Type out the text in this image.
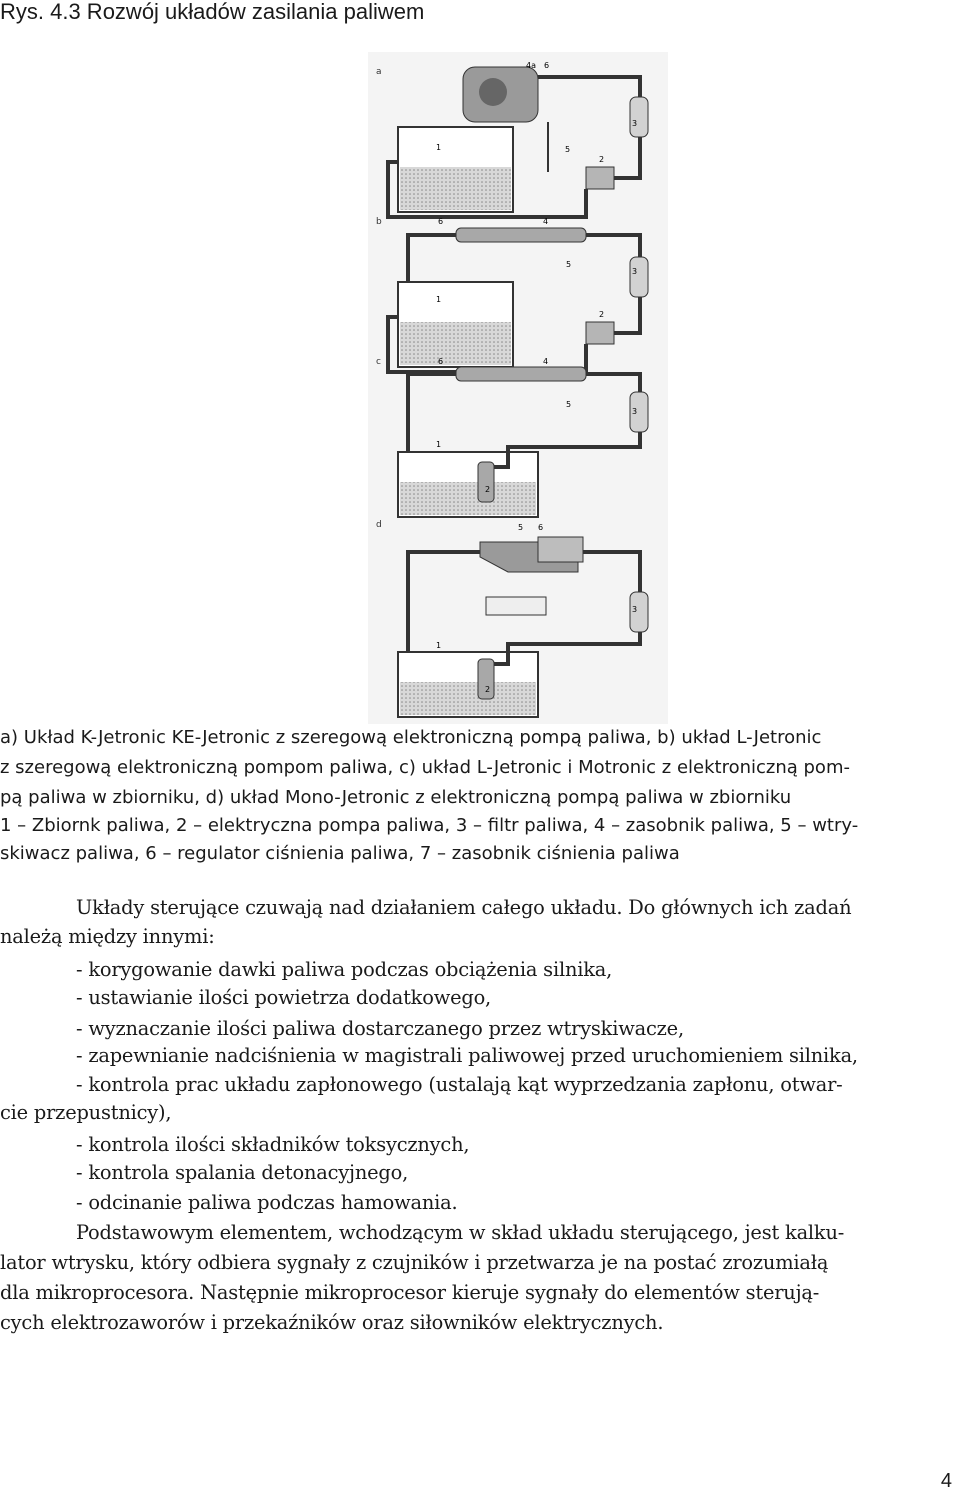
Rys. 4.3 Rozwój układów zasilania paliwem
a
4a 6
3
5
1
2
b	6	4
5
3
1
2
c	6	4
5
3
1
2
d	5 6
3
1
2
a) Układ K-Jetronic KE-Jetronic z szeregową elektroniczną pompą paliwa, b) układ L-Jetronic
z szeregową elektroniczną pompom paliwa, c) układ L-Jetronic i Motronic z elektroniczną pom-
pą paliwa w zbiorniku, d) układ Mono-Jetronic z elektroniczną pompą paliwa w zbiorniku
1 – Zbiornk paliwa, 2 – elektryczna pompa paliwa, 3 – filtr paliwa, 4 – zasobnik paliwa, 5 – wtry-
skiwacz paliwa, 6 – regulator ciśnienia paliwa, 7 – zasobnik ciśnienia paliwa
Układy sterujące czuwają nad działaniem całego układu. Do głównych ich zadań
należą między innymi:
- korygowanie dawki paliwa podczas obciążenia silnika,
- ustawianie ilości powietrza dodatkowego,
- wyznaczanie ilości paliwa dostarczanego przez wtryskiwacze,
- zapewnianie nadciśnienia w magistrali paliwowej przed uruchomieniem silnika,
- kontrola prac układu zapłonowego (ustalają kąt wyprzedzania zapłonu, otwar-
cie przepustnicy),
- kontrola ilości składników toksycznych,
- kontrola spalania detonacyjnego,
- odcinanie paliwa podczas hamowania.
Podstawowym elementem, wchodzącym w skład układu sterującego, jest kalku-
lator wtrysku, który odbiera sygnały z czujników i przetwarza je na postać zrozumiałą
dla mikroprocesora. Następnie mikroprocesor kieruje sygnały do elementów sterują-
cych elektrozaworów i przekaźników oraz siłowników elektrycznych.
4
